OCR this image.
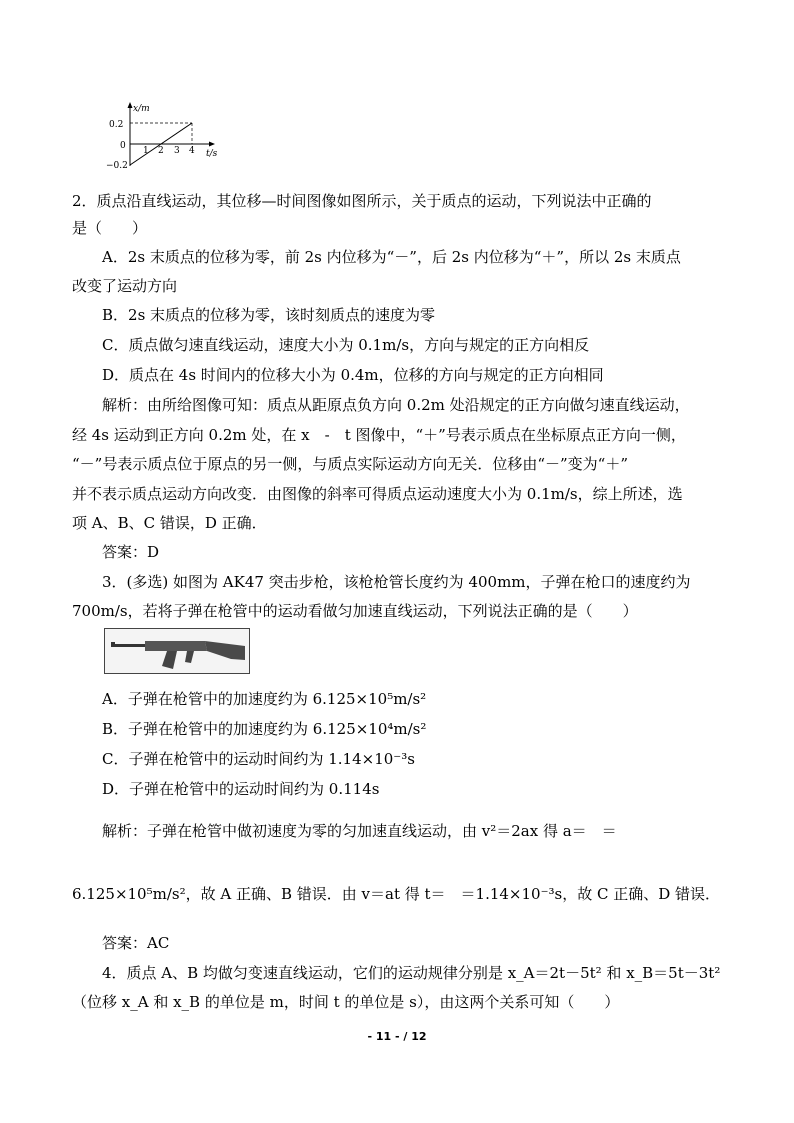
x/m
0.2
0
−0.2
1 2 3 4 t/s
2．质点沿直线运动，其位移—时间图像如图所示，关于质点的运动，下列说法中正确的
是（　　）
A．2s 末质点的位移为零，前 2s 内位移为“－”，后 2s 内位移为“＋”，所以 2s 末质点
改变了运动方向
B．2s 末质点的位移为零，该时刻质点的速度为零
C．质点做匀速直线运动，速度大小为 0.1m/s，方向与规定的正方向相反
D．质点在 4s 时间内的位移大小为 0.4m，位移的方向与规定的正方向相同
解析：由所给图像可知：质点从距原点负方向 0.2m 处沿规定的正方向做匀速直线运动，
经 4s 运动到正方向 0.2m 处，在 x　-　t 图像中，“＋”号表示质点在坐标原点正方向一侧，
“－”号表示质点位于原点的另一侧，与质点实际运动方向无关．位移由“－”变为“＋”
并不表示质点运动方向改变．由图像的斜率可得质点运动速度大小为 0.1m/s，综上所述，选
项 A、B、C 错误，D 正确．
答案：D
3．(多选) 如图为 AK47 突击步枪，该枪枪管长度约为 400mm，子弹在枪口的速度约为
700m/s，若将子弹在枪管中的运动看做匀加速直线运动，下列说法正确的是（　　）
A．子弹在枪管中的加速度约为 6.125×10⁵m/s²
B．子弹在枪管中的加速度约为 6.125×10⁴m/s²
C．子弹在枪管中的运动时间约为 1.14×10⁻³s
D．子弹在枪管中的运动时间约为 0.114s
解析：子弹在枪管中做初速度为零的匀加速直线运动，由 v²＝2ax 得 a＝　＝
6.125×10⁵m/s²，故 A 正确、B 错误．由 v＝at 得 t＝　＝1.14×10⁻³s，故 C 正确、D 错误．
答案：AC
4．质点 A、B 均做匀变速直线运动，它们的运动规律分别是 x_A＝2t－5t² 和 x_B＝5t－3t²
（位移 x_A 和 x_B 的单位是 m，时间 t 的单位是 s），由这两个关系可知（　　）
- 11 - / 12
